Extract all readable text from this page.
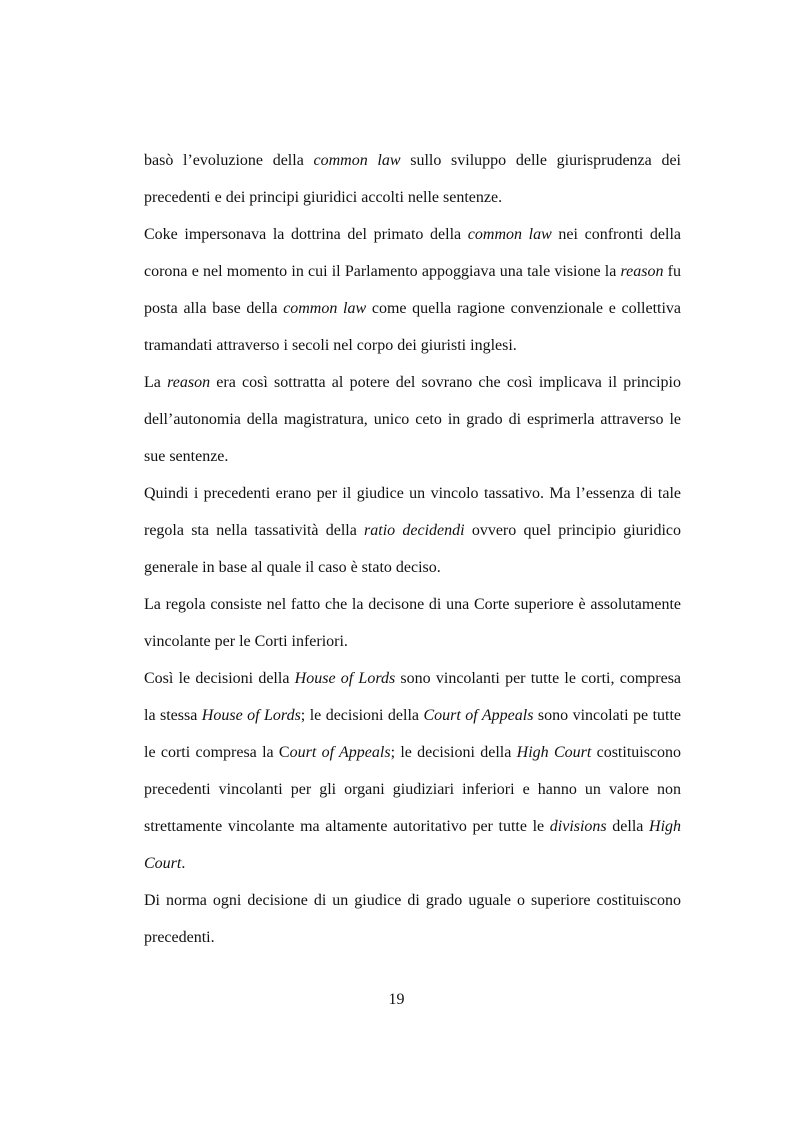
basò l’evoluzione della common law sullo sviluppo delle giurisprudenza dei
precedenti e dei principi giuridici accolti nelle sentenze.
Coke impersonava la dottrina del primato della common law nei confronti della
corona e nel momento in cui il Parlamento appoggiava una tale visione la reason fu
posta alla base della common law come quella ragione convenzionale e collettiva
tramandati attraverso i secoli nel corpo dei giuristi inglesi.
La reason era così sottratta al potere del sovrano che così implicava il principio
dell’autonomia della magistratura, unico ceto in grado di esprimerla attraverso le
sue sentenze.
Quindi i precedenti erano per il giudice un vincolo tassativo. Ma l’essenza di tale
regola sta nella tassatività della ratio decidendi ovvero quel principio giuridico
generale in base al quale il caso è stato deciso.
La regola consiste nel fatto che la decisone di una Corte superiore è assolutamente
vincolante per le Corti inferiori.
Così le decisioni della House of Lords sono vincolanti per tutte le corti, compresa
la stessa House of Lords; le decisioni della Court of Appeals sono vincolati pe tutte
le corti compresa la Court of Appeals; le decisioni della High Court costituiscono
precedenti vincolanti per gli organi giudiziari inferiori e hanno un valore non
strettamente vincolante ma altamente autoritativo per tutte le divisions della High
Court.
Di norma ogni decisione di un giudice di grado uguale o superiore costituiscono
precedenti.
19
